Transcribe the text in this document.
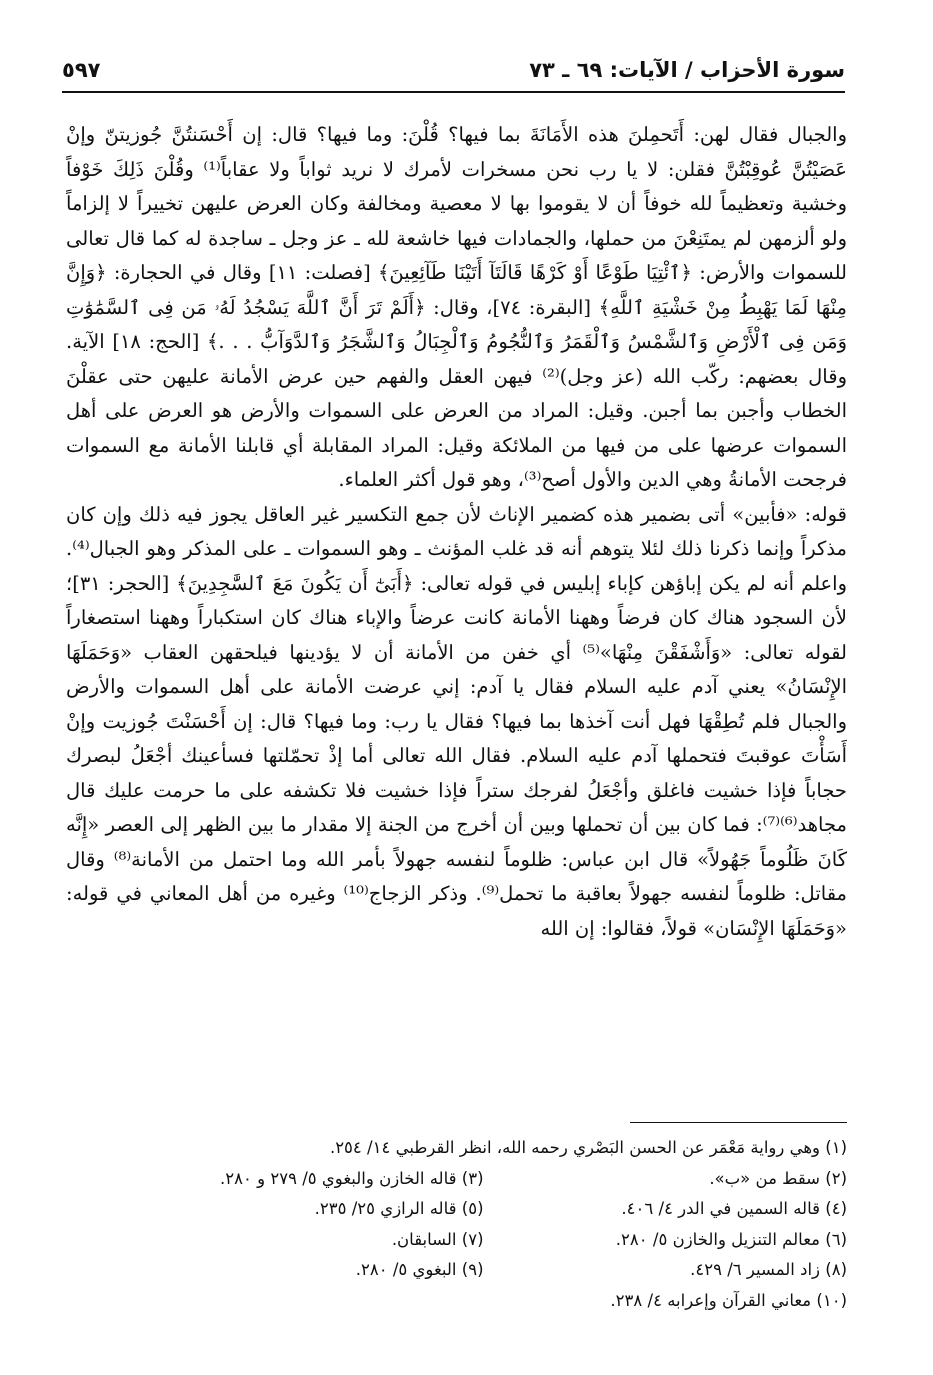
سورة الأحزاب / الآيات: ٦٩ ـ ٧٣
٥٩٧

والجبال فقال لهن: أَتَحمِلنَ هذه الأَمَانَةَ بما فيها؟ قُلْنَ: وما فيها؟ قال: إن أَحْسَنتُنَّ جُوزيتنّ وإنْ عَصَيْتُنَّ عُوقِبْتُنَّ فقلن: لا يا رب نحن مسخرات لأمرك لا نريد ثواباً ولا عقاباً⁽¹⁾ وقُلْنَ ذَلِكَ خَوْفاً وخشية وتعظيماً لله خوفاً أن لا يقوموا بها لا معصية ومخالفة وكان العرض عليهن تخييراً لا إلزاماً ولو ألزمهن لم يمتَنِعْنَ من حملها، والجمادات فيها خاشعة لله ـ عز وجل ـ ساجدة له كما قال تعالى للسموات والأرض: ﴿ٱئْتِيَا طَوْعًا أَوْ كَرْهًا قَالَتَآ أَتَيْنَا طَآئِعِينَ﴾ [فصلت: ١١] وقال في الحجارة: ﴿وَإِنَّ مِنْهَا لَمَا يَهْبِطُ مِنْ خَشْيَةِ ٱللَّهِ﴾ [البقرة: ٧٤]، وقال: ﴿أَلَمْ تَرَ أَنَّ ٱللَّهَ يَسْجُدُ لَهُۥ مَن فِى ٱلسَّمَٰوَٰتِ وَمَن فِى ٱلْأَرْضِ وَٱلشَّمْسُ وَٱلْقَمَرُ وَٱلنُّجُومُ وَٱلْجِبَالُ وَٱلشَّجَرُ وَٱلدَّوَآبُّ . . .﴾ [الحج: ١٨] الآية. وقال بعضهم: ركّب الله (عز وجل)⁽²⁾ فيهن العقل والفهم حين عرض الأمانة عليهن حتى عقلْنَ الخطاب وأجبن بما أجبن. وقيل: المراد من العرض على السموات والأرض هو العرض على أهل السموات عرضها على من فيها من الملائكة وقيل: المراد المقابلة أي قابلنا الأمانة مع السموات فرجحت الأمانةُ وهي الدين والأول أصح⁽³⁾، وهو قول أكثر العلماء.

قوله: «فأبين» أتى بضمير هذه كضمير الإناث لأن جمع التكسير غير العاقل يجوز فيه ذلك وإن كان مذكراً وإنما ذكرنا ذلك لئلا يتوهم أنه قد غلب المؤنث ـ وهو السموات ـ على المذكر وهو الجبال⁽⁴⁾. واعلم أنه لم يكن إباؤهن كإباء إبليس في قوله تعالى: ﴿أَبَىٰٓ أَن يَكُونَ مَعَ ٱلسَّٰجِدِينَ﴾ [الحجر: ٣١]؛ لأن السجود هناك كان فرضاً وههنا الأمانة كانت عرضاً والإباء هناك كان استكباراً وههنا استصغاراً لقوله تعالى: «وَأَشْفَقْنَ مِنْهَا»⁽⁵⁾ أي خفن من الأمانة أن لا يؤدينها فيلحقهن العقاب «وَحَمَلَهَا الإِنْسَانُ» يعني آدم عليه السلام فقال يا آدم: إني عرضت الأمانة على أهل السموات والأرض والجبال فلم تُطِقْهَا فهل أنت آخذها بما فيها؟ فقال يا رب: وما فيها؟ قال: إن أَحْسَنْتَ جُوزيت وإنْ أَسَأْتَ عوقبتَ فتحملها آدم عليه السلام. فقال الله تعالى أما إذْ تحمّلتها فسأعينك أجْعَلُ لبصرك حجاباً فإذا خشيت فاغلق وأجْعَلُ لفرجك ستراً فإذا خشيت فلا تكشفه على ما حرمت عليك قال مجاهد⁽⁶⁾⁽⁷⁾: فما كان بين أن تحملها وبين أن أخرج من الجنة إلا مقدار ما بين الظهر إلى العصر «إِنَّه كَانَ ظَلُوماً جَهُولاً» قال ابن عباس: ظلوماً لنفسه جهولاً بأمر الله وما احتمل من الأمانة⁽⁸⁾ وقال مقاتل: ظلوماً لنفسه جهولاً بعاقبة ما تحمل⁽⁹⁾. وذكر الزجاج⁽¹⁰⁾ وغيره من أهل المعاني في قوله: «وَحَمَلَهَا الإِنْسَان» قولاً، فقالوا: إن الله

(١) وهي رواية مَعْمَر عن الحسن البَصْري رحمه الله، انظر القرطبي ١٤/ ٢٥٤.
(٢) سقط من «ب».
(٣) قاله الخازن والبغوي ٥/ ٢٧٩ و ٢٨٠.
(٤) قاله السمين في الدر ٤/ ٤٠٦.
(٥) قاله الرازي ٢٥/ ٢٣٥.
(٦) معالم التنزيل والخازن ٥/ ٢٨٠.
(٧) السابقان.
(٨) زاد المسير ٦/ ٤٢٩.
(٩) البغوي ٥/ ٢٨٠.
(١٠) معاني القرآن وإعرابه ٤/ ٢٣٨.
